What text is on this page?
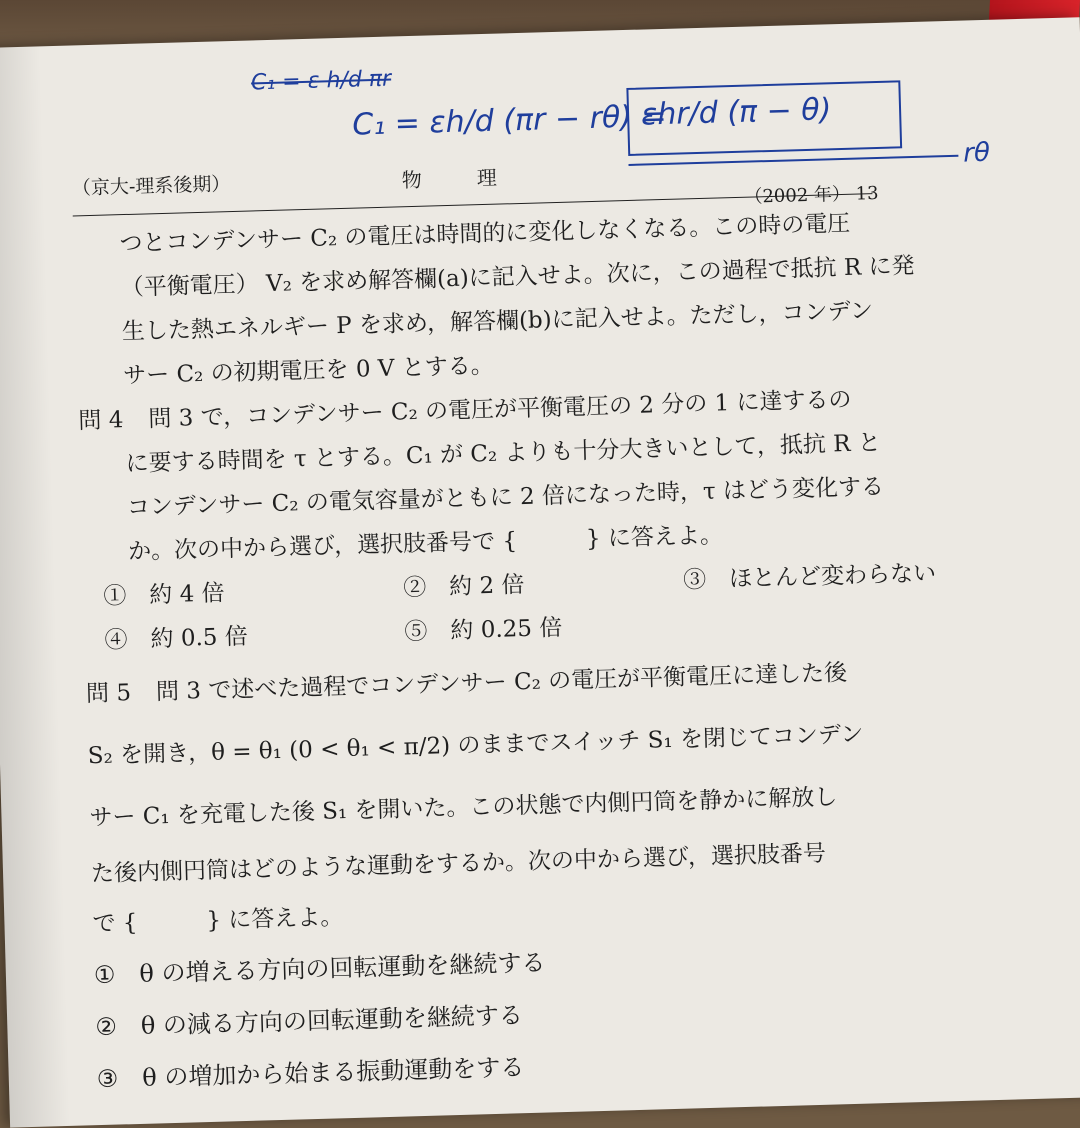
C₁ = ε h/d πr
C₁ = εh/d (πr − rθ) =
εhr/d (π − θ)
rθ
（京大-理系後期）	物理
（2002 年） 13

つとコンデンサー C₂ の電圧は時間的に変化しなくなる。この時の電圧

（平衡電圧） V₂ を求め解答欄(a)に記入せよ。次に，この過程で抵抗 R に発

生した熱エネルギー P を求め，解答欄(b)に記入せよ。ただし，コンデン

サー C₂ の初期電圧を 0 V とする。

問 4 問 3 で，コンデンサー C₂ の電圧が平衡電圧の 2 分の 1 に達するの

に要する時間を τ とする。C₁ が C₂ よりも十分大きいとして，抵抗 R と

コンデンサー C₂ の電気容量がともに 2 倍になった時，τ はどう変化する

か。次の中から選び，選択肢番号で {　　　} に答えよ。

①　約 4 倍	②　約 2 倍	③　ほとんど変わらない
④　約 0.5 倍	⑤　約 0.25 倍

問 5 問 3 で述べた過程でコンデンサー C₂ の電圧が平衡電圧に達した後

S₂ を開き，θ = θ₁ (0 < θ₁ < π/2) のままでスイッチ S₁ を閉じてコンデン

サー C₁ を充電した後 S₁ を開いた。この状態で内側円筒を静かに解放し

た後内側円筒はどのような運動をするか。次の中から選び，選択肢番号

で {　　　} に答えよ。

①　θ の増える方向の回転運動を継続する
②　θ の減る方向の回転運動を継続する
③　θ の増加から始まる振動運動をする
